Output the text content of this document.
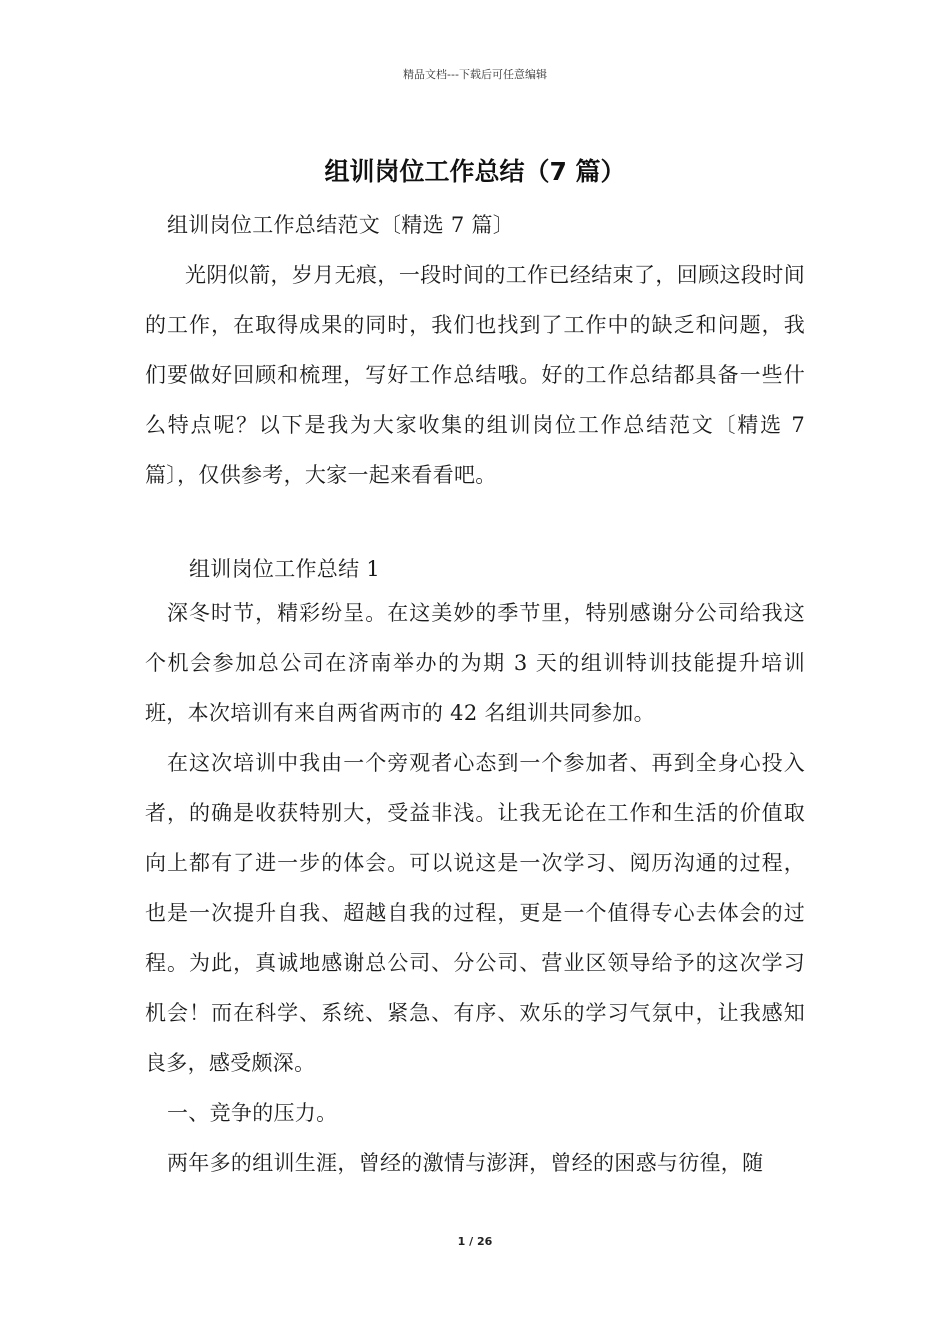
精品文档---下载后可任意编辑
组训岗位工作总结（7 篇）

组训岗位工作总结范文〔精选 7 篇〕

光阴似箭，岁月无痕，一段时间的工作已经结束了，回顾这段时间的工作，在取得成果的同时，我们也找到了工作中的缺乏和问题，我们要做好回顾和梳理，写好工作总结哦。好的工作总结都具备一些什么特点呢？以下是我为大家收集的组训岗位工作总结范文〔精选 7 篇〕，仅供参考，大家一起来看看吧。

组训岗位工作总结 1

深冬时节，精彩纷呈。在这美妙的季节里，特别感谢分公司给我这个机会参加总公司在济南举办的为期 3 天的组训特训技能提升培训班，本次培训有来自两省两市的 42 名组训共同参加。

在这次培训中我由一个旁观者心态到一个参加者、再到全身心投入者，的确是收获特别大，受益非浅。让我无论在工作和生活的价值取向上都有了进一步的体会。可以说这是一次学习、阅历沟通的过程，也是一次提升自我、超越自我的过程，更是一个值得专心去体会的过程。为此，真诚地感谢总公司、分公司、营业区领导给予的这次学习机会！而在科学、系统、紧急、有序、欢乐的学习气氛中，让我感知良多，感受颇深。

一、竞争的压力。

两年多的组训生涯，曾经的激情与澎湃，曾经的困惑与彷徨，随

1 / 26
